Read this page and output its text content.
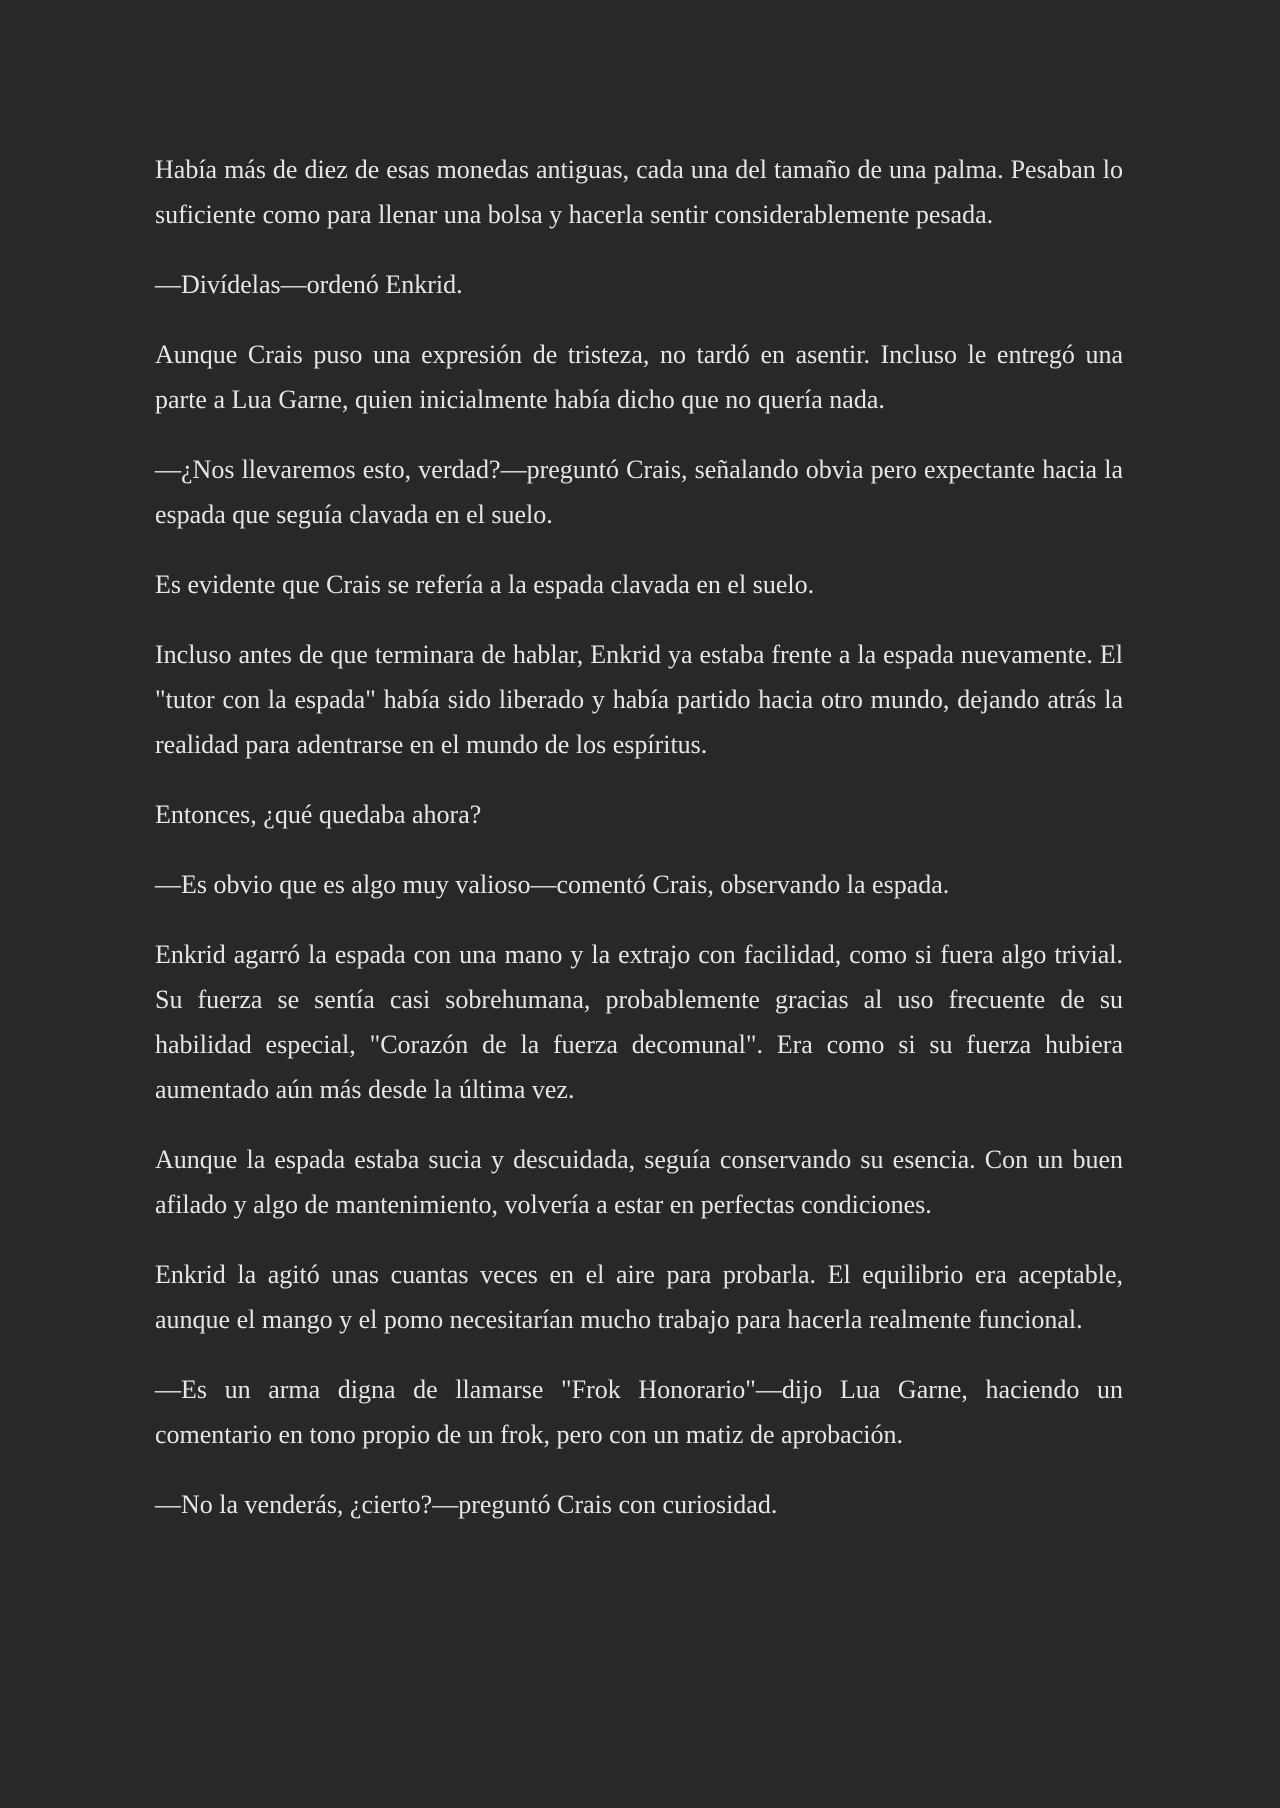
Había más de diez de esas monedas antiguas, cada una del tamaño de una palma. Pesaban lo suficiente como para llenar una bolsa y hacerla sentir considerablemente pesada.

—Divídelas—ordenó Enkrid.

Aunque Crais puso una expresión de tristeza, no tardó en asentir. Incluso le entregó una parte a Lua Garne, quien inicialmente había dicho que no quería nada.

—¿Nos llevaremos esto, verdad?—preguntó Crais, señalando obvia pero expectante hacia la espada que seguía clavada en el suelo.

Es evidente que Crais se refería a la espada clavada en el suelo.

Incluso antes de que terminara de hablar, Enkrid ya estaba frente a la espada nuevamente. El "tutor con la espada" había sido liberado y había partido hacia otro mundo, dejando atrás la realidad para adentrarse en el mundo de los espíritus.

Entonces, ¿qué quedaba ahora?

—Es obvio que es algo muy valioso—comentó Crais, observando la espada.

Enkrid agarró la espada con una mano y la extrajo con facilidad, como si fuera algo trivial. Su fuerza se sentía casi sobrehumana, probablemente gracias al uso frecuente de su habilidad especial, "Corazón de la fuerza decomunal". Era como si su fuerza hubiera aumentado aún más desde la última vez.

Aunque la espada estaba sucia y descuidada, seguía conservando su esencia. Con un buen afilado y algo de mantenimiento, volvería a estar en perfectas condiciones.

Enkrid la agitó unas cuantas veces en el aire para probarla. El equilibrio era aceptable, aunque el mango y el pomo necesitarían mucho trabajo para hacerla realmente funcional.

—Es un arma digna de llamarse "Frok Honorario"—dijo Lua Garne, haciendo un comentario en tono propio de un frok, pero con un matiz de aprobación.

—No la venderás, ¿cierto?—preguntó Crais con curiosidad.
